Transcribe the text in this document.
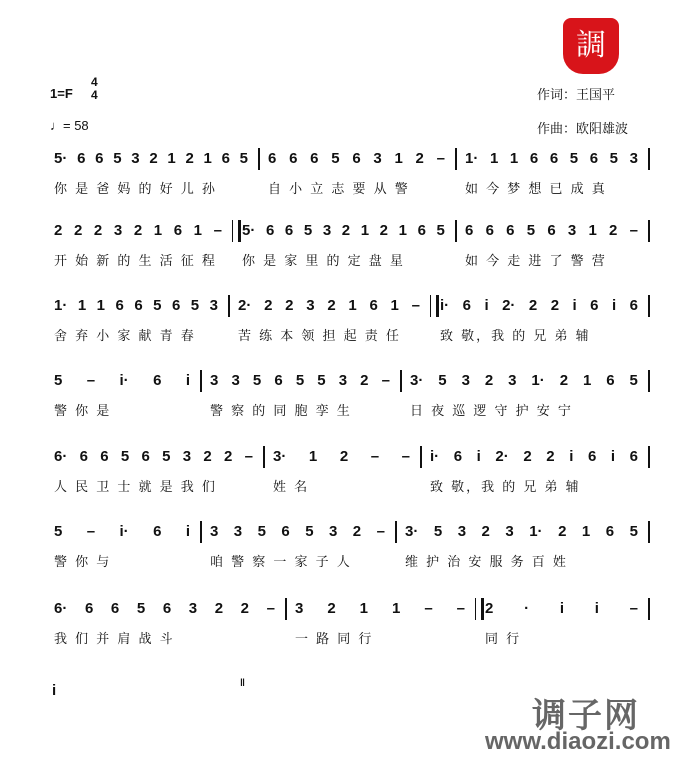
調
1=F
4
4
♩= 58
作词：王国平
作曲：欧阳雄波
5· 6 6 5 3 2 1 2 1 6 5
你 是 爸 妈 的 好 儿 孙
6 6 6 5 6 3 1 2 –
自 小 立 志 要 从 警
1· 1 1 6 6 5 6 5 3
如 今 梦 想 已 成 真
2 2 2 3 2 1 6 1 –
开 始 新 的 生 活 征 程
5· 6 6 5 3 2 1 2 1 6 5
你 是 家 里 的 定 盘 星
6 6 6 5 6 3 1 2 –
如 今 走 进 了 警 营
1· 1 1 6 6 5 6 5 3
舍 弃 小 家 献 青 春
2· 2 2 3 2 1 6 1 –
苦 练 本 领 担 起 责 任
i· 6 i 2· 2 2 i 6 i 6
致 敬，我 的 兄 弟 辅
5 – i· 6 i
警 你 是
3 3 5 6 5 5 3 2 –
警 察 的 同 胞 孪 生
3· 5 3 2 3 1· 2 1 6 5
日 夜 巡 逻 守 护 安 宁
6· 6 6 5 6 5 3 2 2 –
人 民 卫 士 就 是 我 们
3· 1 2 – –
姓 名
i· 6 i 2· 2 2 i 6 i 6
致 敬，我 的 兄 弟 辅
5 – i· 6 i
警 你 与
3 3 5 6 5 3 2 –
咱 警 察 一 家 子 人
3· 5 3 2 3 1· 2 1 6 5
维 护 治 安 服 务 百 姓
6· 6 6 5 6 3 2 2 –
我 们 并 肩 战 斗
3 2 1 1 – –
一 路 同 行
2 · i i –
同 行
i	‖
调子网
www.diaozi.com
